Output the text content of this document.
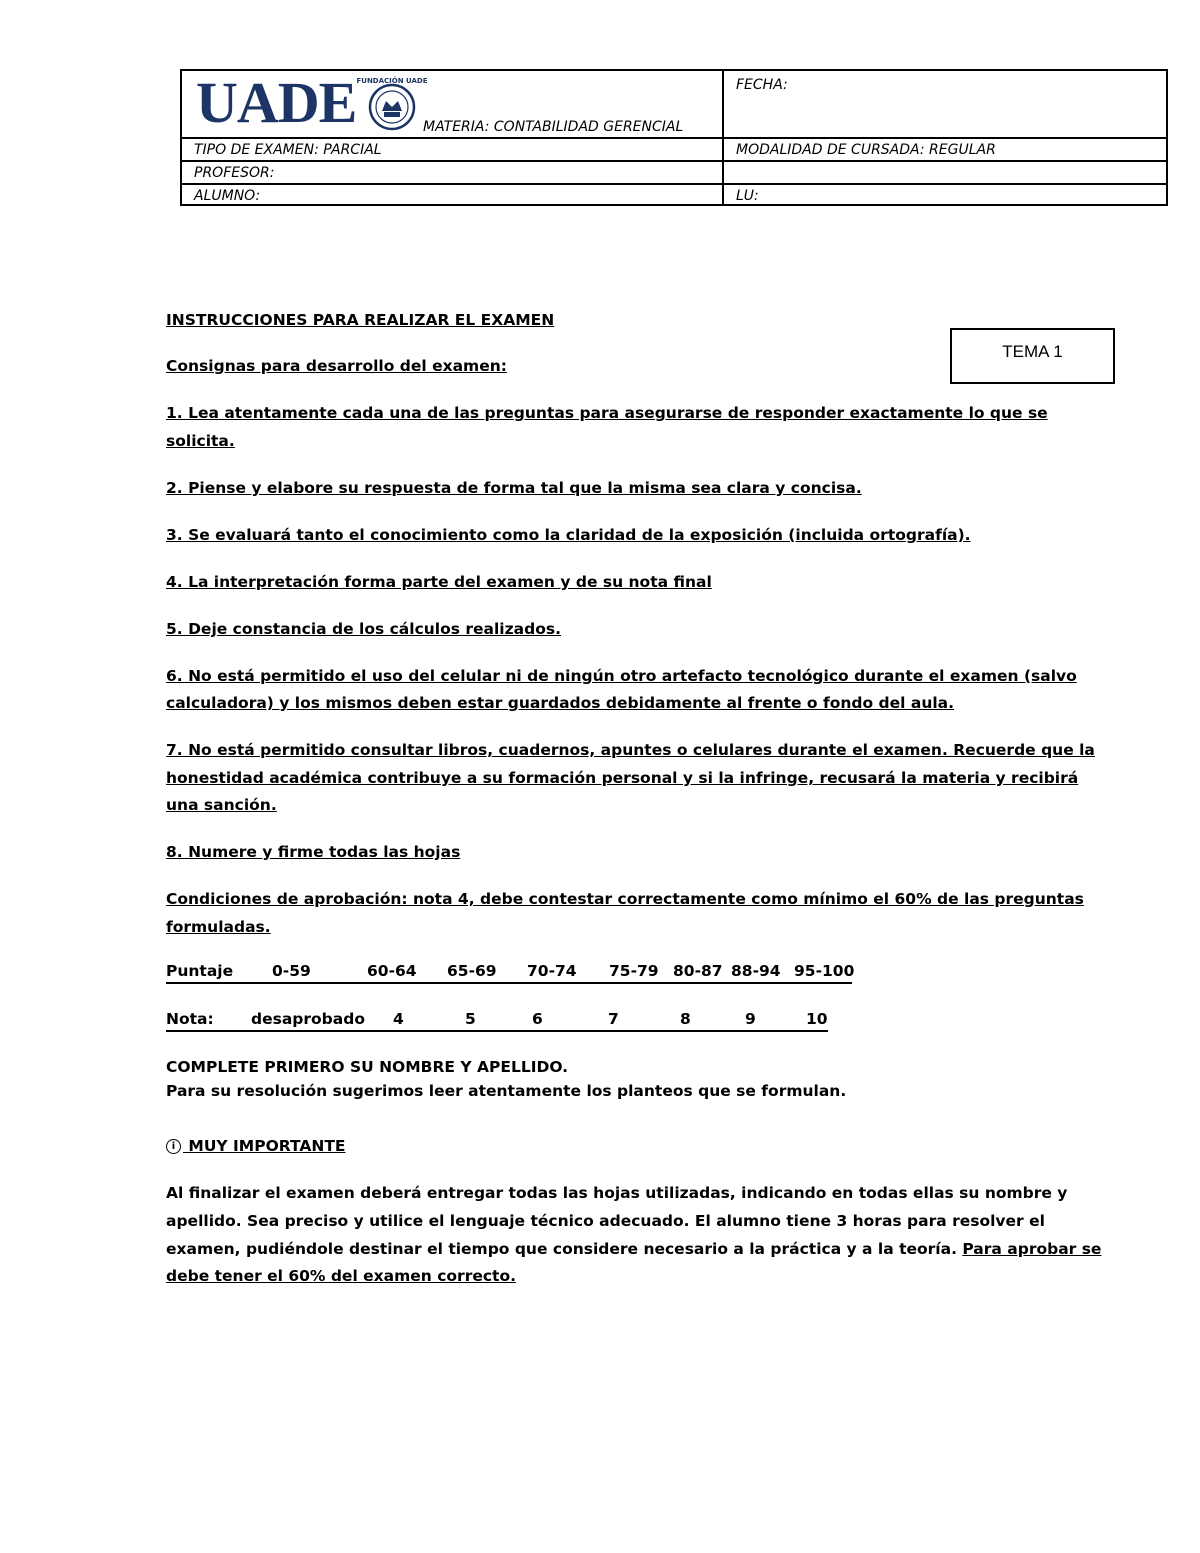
UADE FUNDACIÓN UADE
MATERIA: CONTABILIDAD GERENCIAL
FECHA:
TIPO DE EXAMEN: PARCIAL	MODALIDAD DE CURSADA: REGULAR
PROFESOR:
ALUMNO:	LU:
TEMA 1
INSTRUCCIONES PARA REALIZAR EL EXAMEN
Consignas para desarrollo del examen:
1. Lea atentamente cada una de las preguntas para asegurarse de responder exactamente lo que se
solicita.
2. Piense y elabore su respuesta de forma tal que la misma sea clara y concisa.
3. Se evaluará tanto el conocimiento como la claridad de la exposición (incluida ortografía).
4. La interpretación forma parte del examen y de su nota final
5. Deje constancia de los cálculos realizados.
6. No está permitido el uso del celular ni de ningún otro artefacto tecnológico durante el examen (salvo
calculadora) y los mismos deben estar guardados debidamente al frente o fondo del aula.
7. No está permitido consultar libros, cuadernos, apuntes o celulares durante el examen. Recuerde que la
honestidad académica contribuye a su formación personal y si la infringe, recusará la materia y recibirá
una sanción.
8. Numere y firme todas las hojas
Condiciones de aprobación: nota 4, debe contestar correctamente como mínimo el 60% de las preguntas
formuladas.
Puntaje	0-59	60-64 65-69 70-74 75-79 80-87 88-94 95-100
Nota: desaprobado 4	5	6	7	8	9	10
COMPLETE PRIMERO SU NOMBRE Y APELLIDO.
Para su resolución sugerimos leer atentamente los planteos que se formulan.
i MUY IMPORTANTE
Al finalizar el examen deberá entregar todas las hojas utilizadas, indicando en todas ellas su nombre y
apellido. Sea preciso y utilice el lenguaje técnico adecuado. El alumno tiene 3 horas para resolver el
examen, pudiéndole destinar el tiempo que considere necesario a la práctica y a la teoría. Para aprobar se
debe tener el 60% del examen correcto.
